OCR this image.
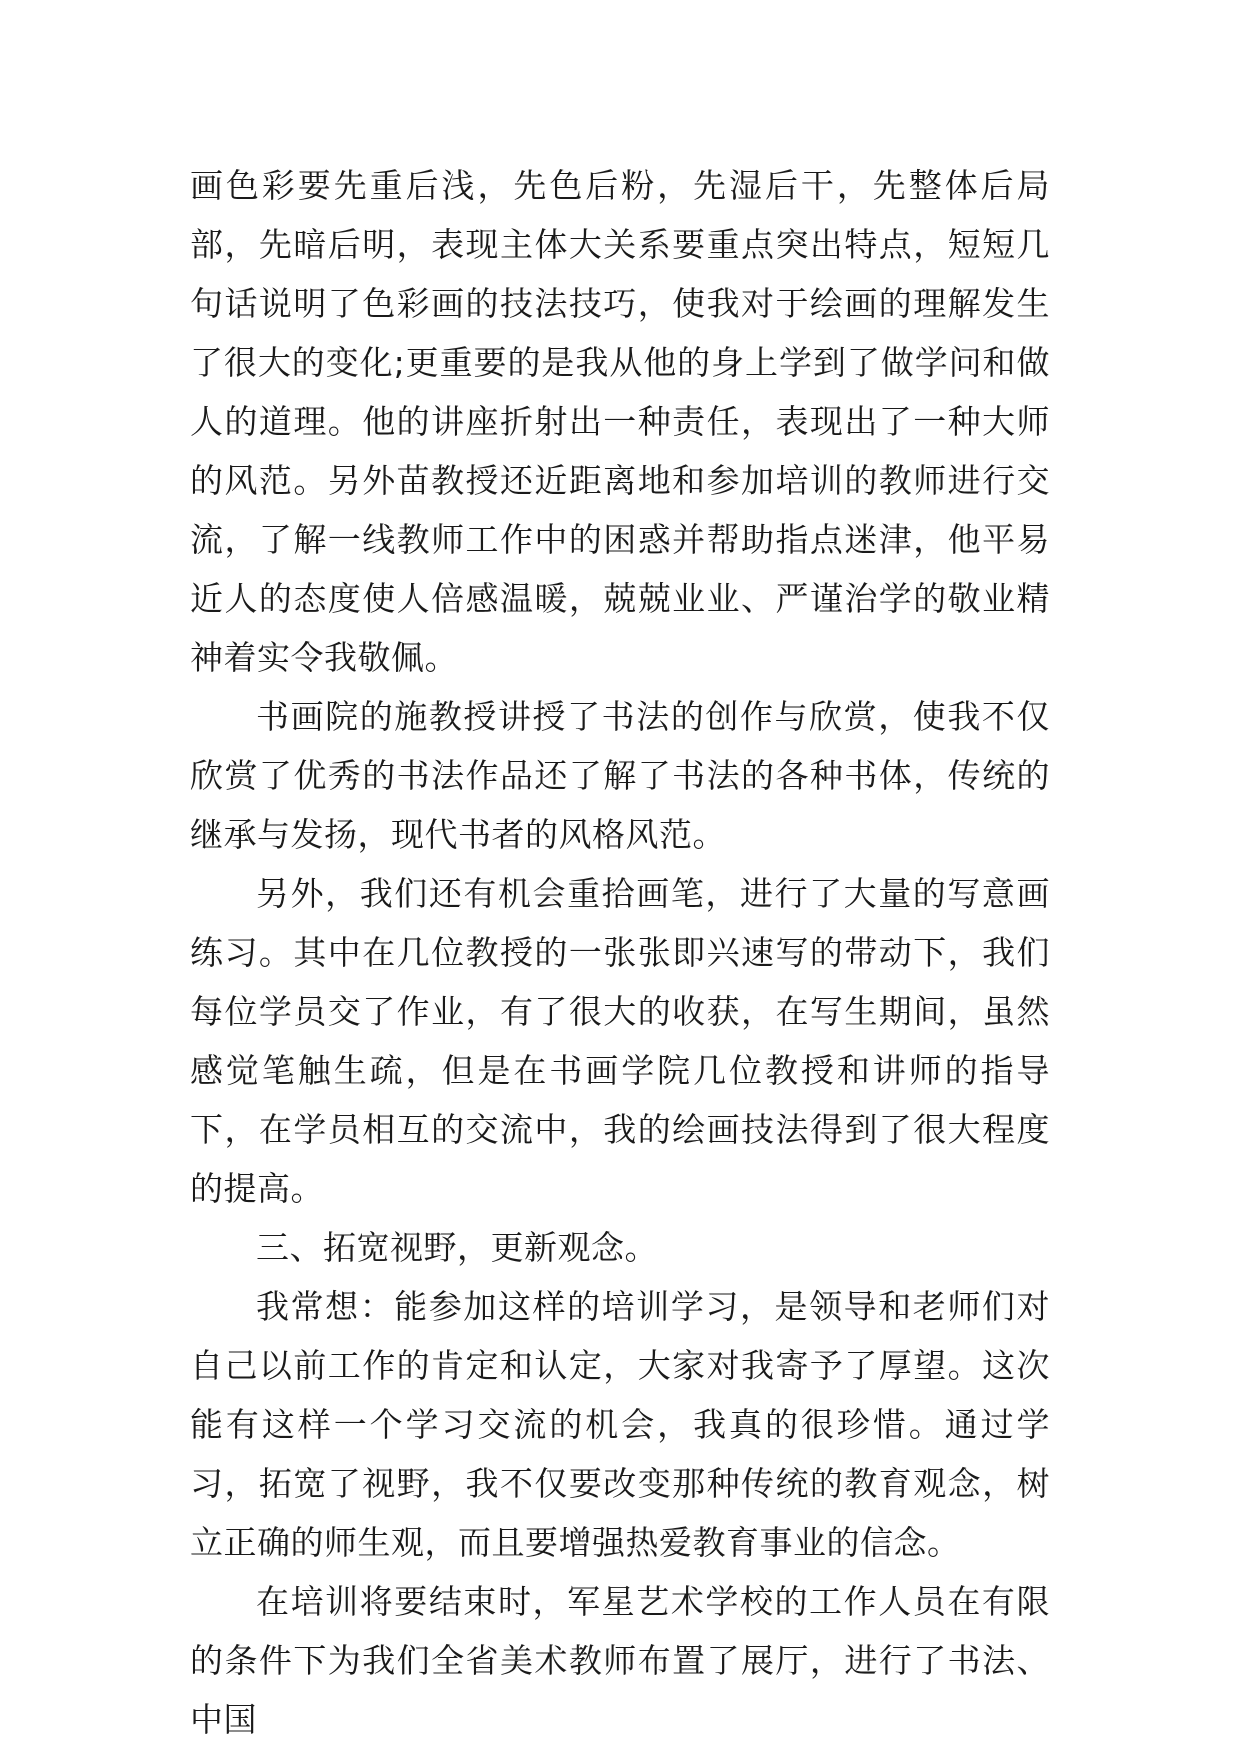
画色彩要先重后浅，先色后粉，先湿后干，先整体后局部，先暗后明，表现主体大关系要重点突出特点，短短几句话说明了色彩画的技法技巧，使我对于绘画的理解发生了很大的变化;更重要的是我从他的身上学到了做学问和做人的道理。他的讲座折射出一种责任，表现出了一种大师的风范。另外苗教授还近距离地和参加培训的教师进行交流，了解一线教师工作中的困惑并帮助指点迷津，他平易近人的态度使人倍感温暖，兢兢业业、严谨治学的敬业精神着实令我敬佩。

书画院的施教授讲授了书法的创作与欣赏，使我不仅欣赏了优秀的书法作品还了解了书法的各种书体，传统的继承与发扬，现代书者的风格风范。

另外，我们还有机会重拾画笔，进行了大量的写意画练习。其中在几位教授的一张张即兴速写的带动下，我们每位学员交了作业，有了很大的收获，在写生期间，虽然感觉笔触生疏，但是在书画学院几位教授和讲师的指导下，在学员相互的交流中，我的绘画技法得到了很大程度的提高。

三、拓宽视野，更新观念。

我常想：能参加这样的培训学习，是领导和老师们对自己以前工作的肯定和认定，大家对我寄予了厚望。这次能有这样一个学习交流的机会，我真的很珍惜。通过学习，拓宽了视野，我不仅要改变那种传统的教育观念，树立正确的师生观，而且要增强热爱教育事业的信念。

在培训将要结束时，军星艺术学校的工作人员在有限的条件下为我们全省美术教师布置了展厅，进行了书法、中国
